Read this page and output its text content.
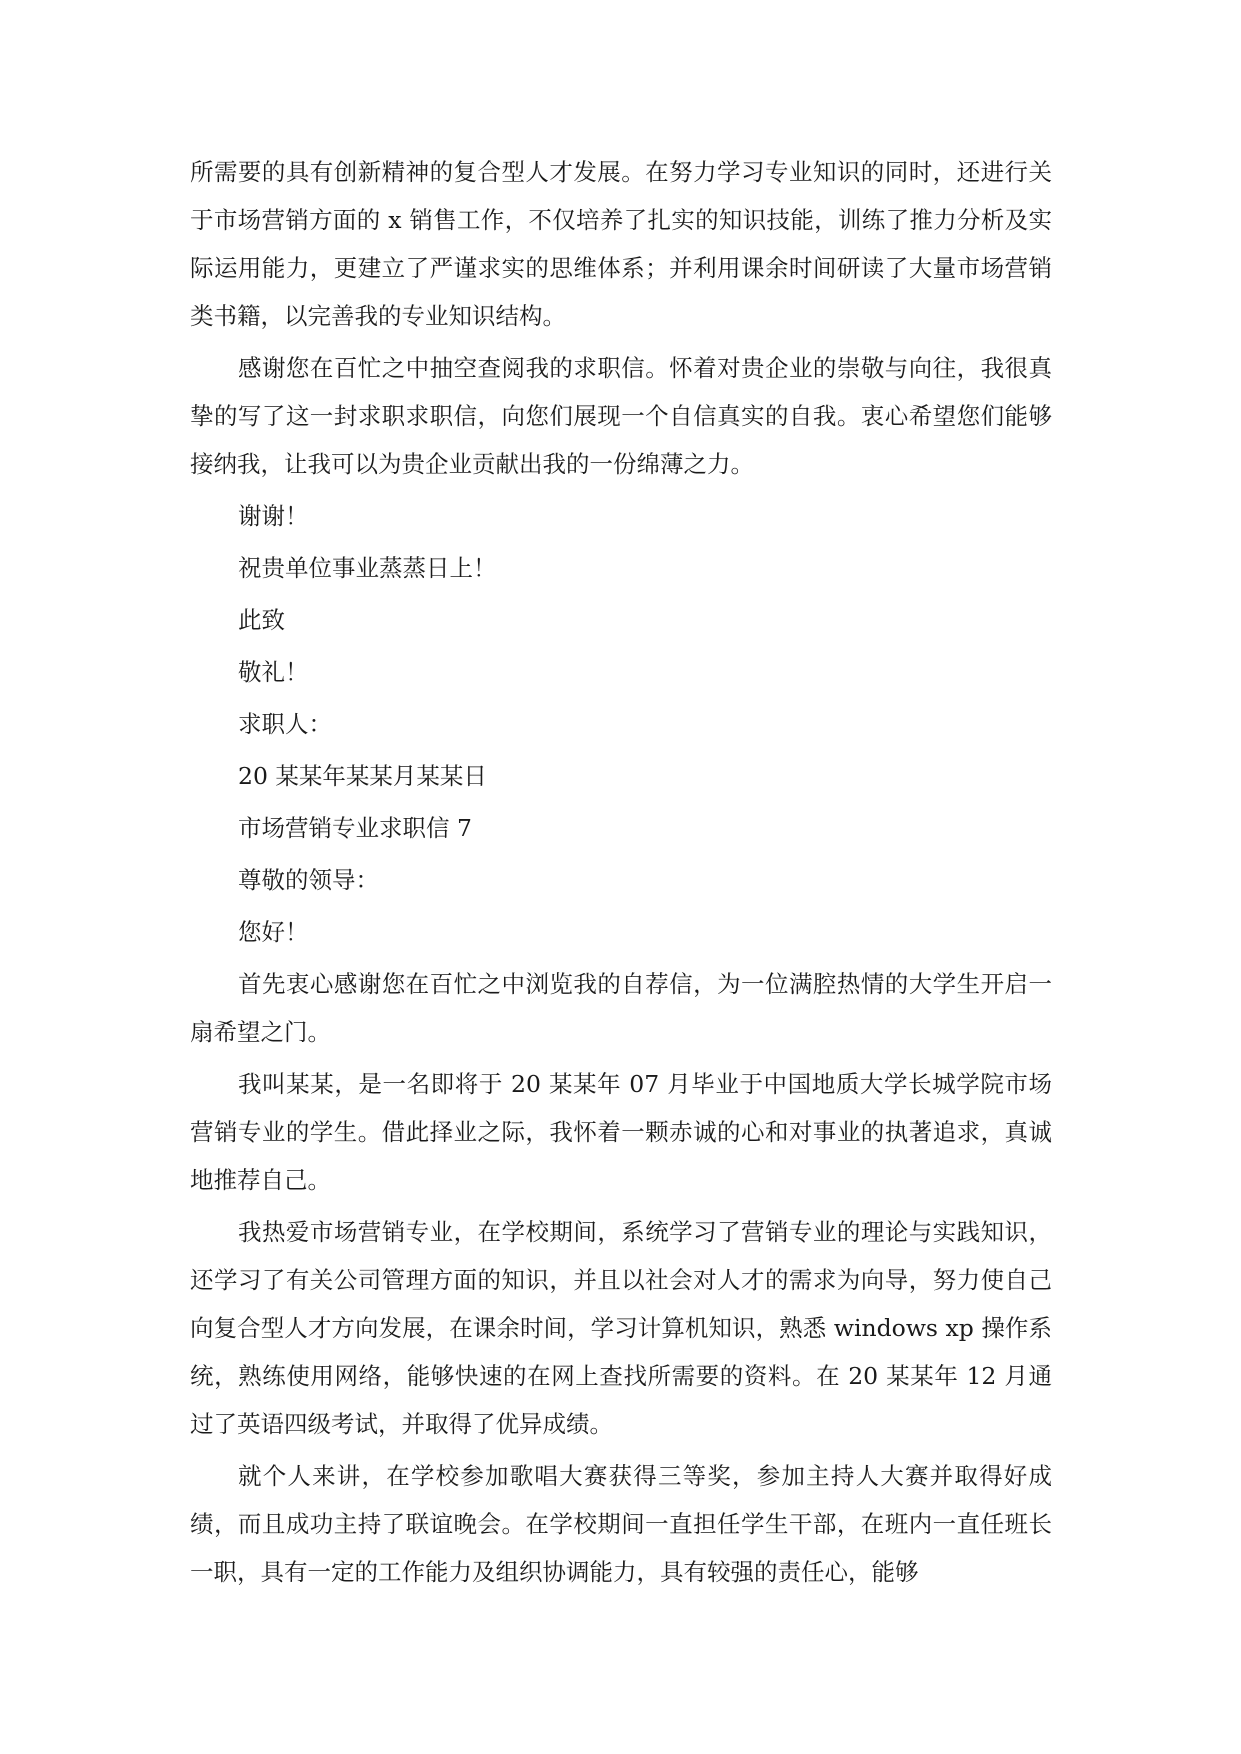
所需要的具有创新精神的复合型人才发展。在努力学习专业知识的同时，还进行关于市场营销方面的 x 销售工作，不仅培养了扎实的知识技能，训练了推力分析及实际运用能力，更建立了严谨求实的思维体系；并利用课余时间研读了大量市场营销类书籍，以完善我的专业知识结构。

感谢您在百忙之中抽空查阅我的求职信。怀着对贵企业的崇敬与向往，我很真挚的写了这一封求职求职信，向您们展现一个自信真实的自我。衷心希望您们能够接纳我，让我可以为贵企业贡献出我的一份绵薄之力。

谢谢！

祝贵单位事业蒸蒸日上！

此致

敬礼！

求职人：

20 某某年某某月某某日

市场营销专业求职信 7

尊敬的领导：

您好！

首先衷心感谢您在百忙之中浏览我的自荐信，为一位满腔热情的大学生开启一扇希望之门。

我叫某某，是一名即将于 20 某某年 07 月毕业于中国地质大学长城学院市场营销专业的学生。借此择业之际，我怀着一颗赤诚的心和对事业的执著追求，真诚地推荐自己。

我热爱市场营销专业，在学校期间，系统学习了营销专业的理论与实践知识，还学习了有关公司管理方面的知识，并且以社会对人才的需求为向导，努力使自己向复合型人才方向发展，在课余时间，学习计算机知识，熟悉 windows xp 操作系统，熟练使用网络，能够快速的在网上查找所需要的资料。在 20 某某年 12 月通过了英语四级考试，并取得了优异成绩。

就个人来讲，在学校参加歌唱大赛获得三等奖，参加主持人大赛并取得好成绩，而且成功主持了联谊晚会。在学校期间一直担任学生干部，在班内一直任班长一职，具有一定的工作能力及组织协调能力，具有较强的责任心，能够
